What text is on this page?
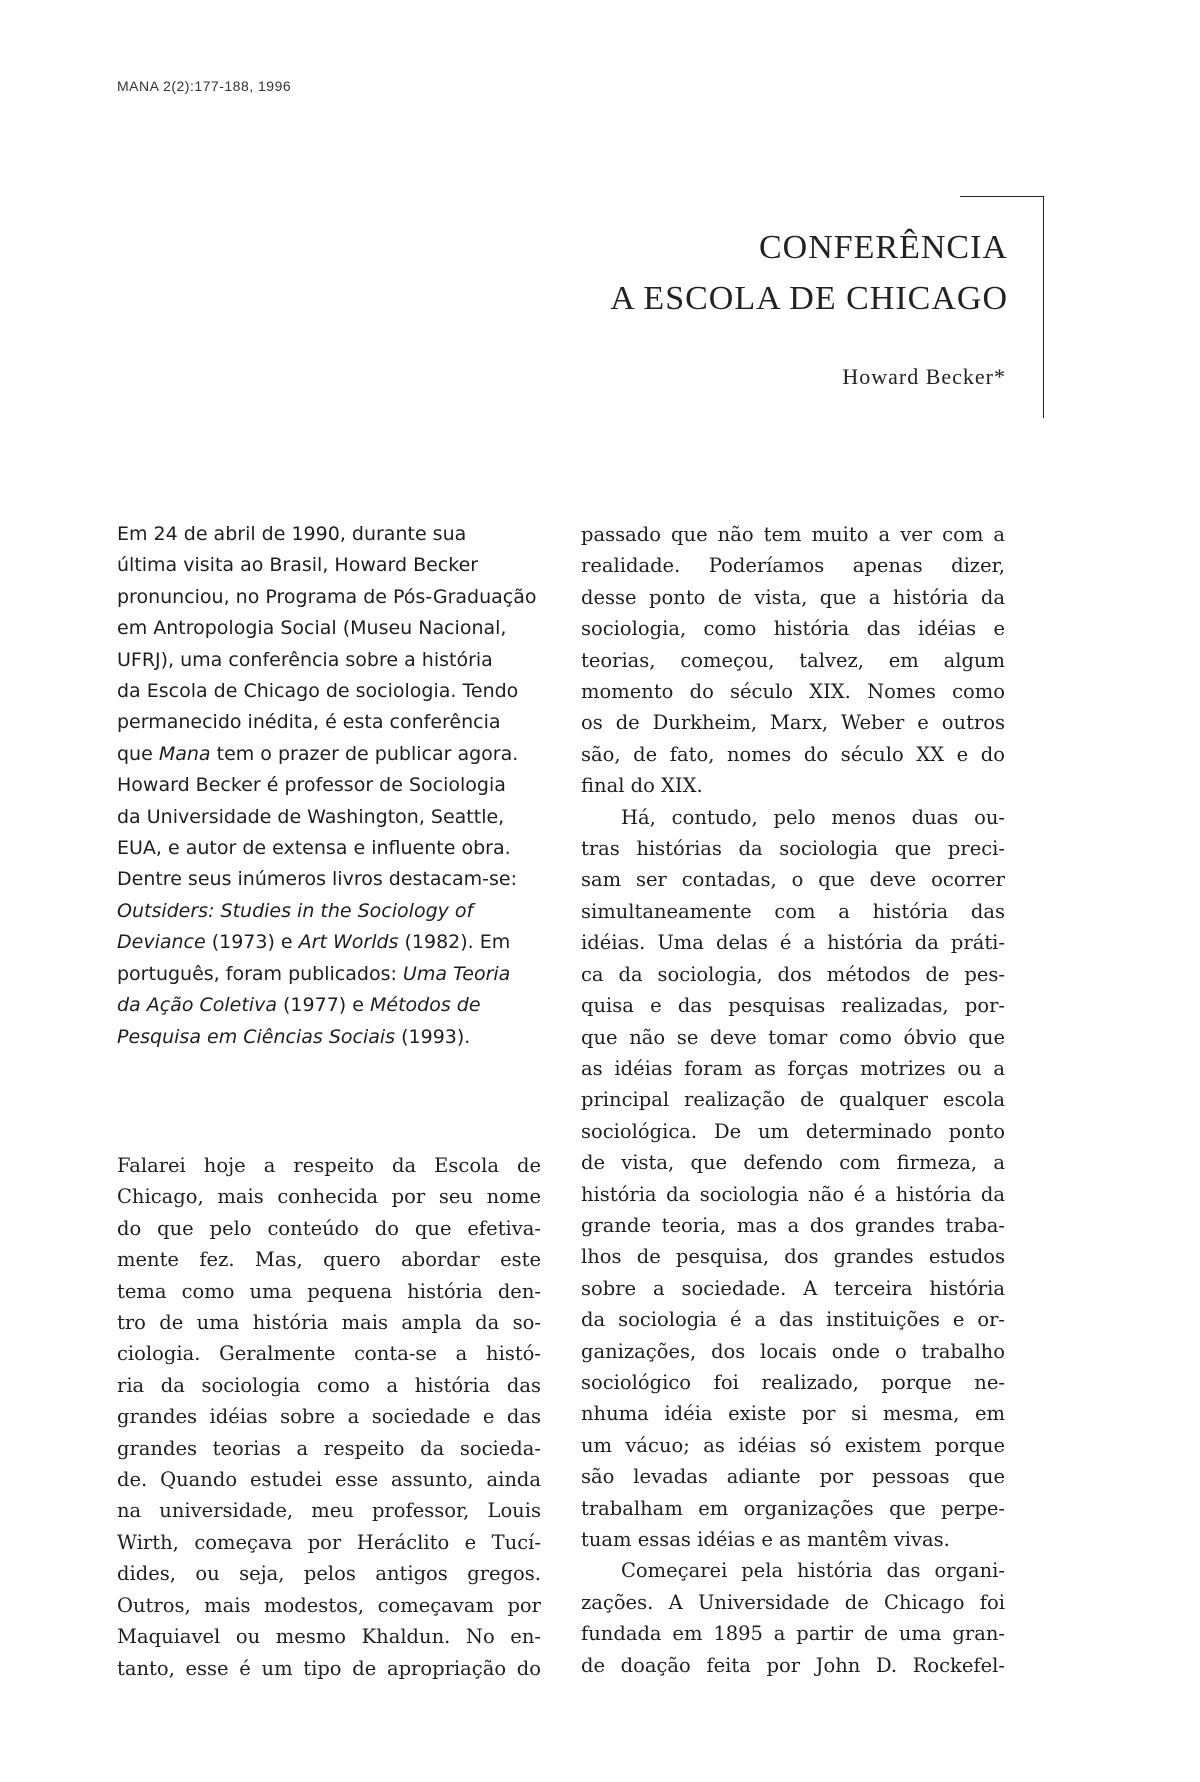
MANA 2(2):177-188, 1996
CONFERÊNCIA
A ESCOLA DE CHICAGO
Howard Becker*
Em 24 de abril de 1990, durante sua
última visita ao Brasil, Howard Becker
pronunciou, no Programa de Pós-Graduação
em Antropologia Social (Museu Nacional,
UFRJ), uma conferência sobre a história
da Escola de Chicago de sociologia. Tendo
permanecido inédita, é esta conferência
que Mana tem o prazer de publicar agora.
Howard Becker é professor de Sociologia
da Universidade de Washington, Seattle,
EUA, e autor de extensa e influente obra.
Dentre seus inúmeros livros destacam-se:
Outsiders: Studies in the Sociology of
Deviance (1973) e Art Worlds (1982). Em
português, foram publicados: Uma Teoria
da Ação Coletiva (1977) e Métodos de
Pesquisa em Ciências Sociais (1993).
Falarei hoje a respeito da Escola de
Chicago, mais conhecida por seu nome
do que pelo conteúdo do que efetiva-
mente fez. Mas, quero abordar este
tema como uma pequena história den-
tro de uma história mais ampla da so-
ciologia. Geralmente conta-se a histó-
ria da sociologia como a história das
grandes idéias sobre a sociedade e das
grandes teorias a respeito da socieda-
de. Quando estudei esse assunto, ainda
na universidade, meu professor, Louis
Wirth, começava por Heráclito e Tucí-
dides, ou seja, pelos antigos gregos.
Outros, mais modestos, começavam por
Maquiavel ou mesmo Khaldun. No en-
tanto, esse é um tipo de apropriação do
passado que não tem muito a ver com a
realidade. Poderíamos apenas dizer,
desse ponto de vista, que a história da
sociologia, como história das idéias e
teorias, começou, talvez, em algum
momento do século XIX. Nomes como
os de Durkheim, Marx, Weber e outros
são, de fato, nomes do século XX e do
final do XIX.
Há, contudo, pelo menos duas ou-
tras histórias da sociologia que preci-
sam ser contadas, o que deve ocorrer
simultaneamente com a história das
idéias. Uma delas é a história da práti-
ca da sociologia, dos métodos de pes-
quisa e das pesquisas realizadas, por-
que não se deve tomar como óbvio que
as idéias foram as forças motrizes ou a
principal realização de qualquer escola
sociológica. De um determinado ponto
de vista, que defendo com firmeza, a
história da sociologia não é a história da
grande teoria, mas a dos grandes traba-
lhos de pesquisa, dos grandes estudos
sobre a sociedade. A terceira história
da sociologia é a das instituições e or-
ganizações, dos locais onde o trabalho
sociológico foi realizado, porque ne-
nhuma idéia existe por si mesma, em
um vácuo; as idéias só existem porque
são levadas adiante por pessoas que
trabalham em organizações que perpe-
tuam essas idéias e as mantêm vivas.
Começarei pela história das organi-
zações. A Universidade de Chicago foi
fundada em 1895 a partir de uma gran-
de doação feita por John D. Rockefel-
